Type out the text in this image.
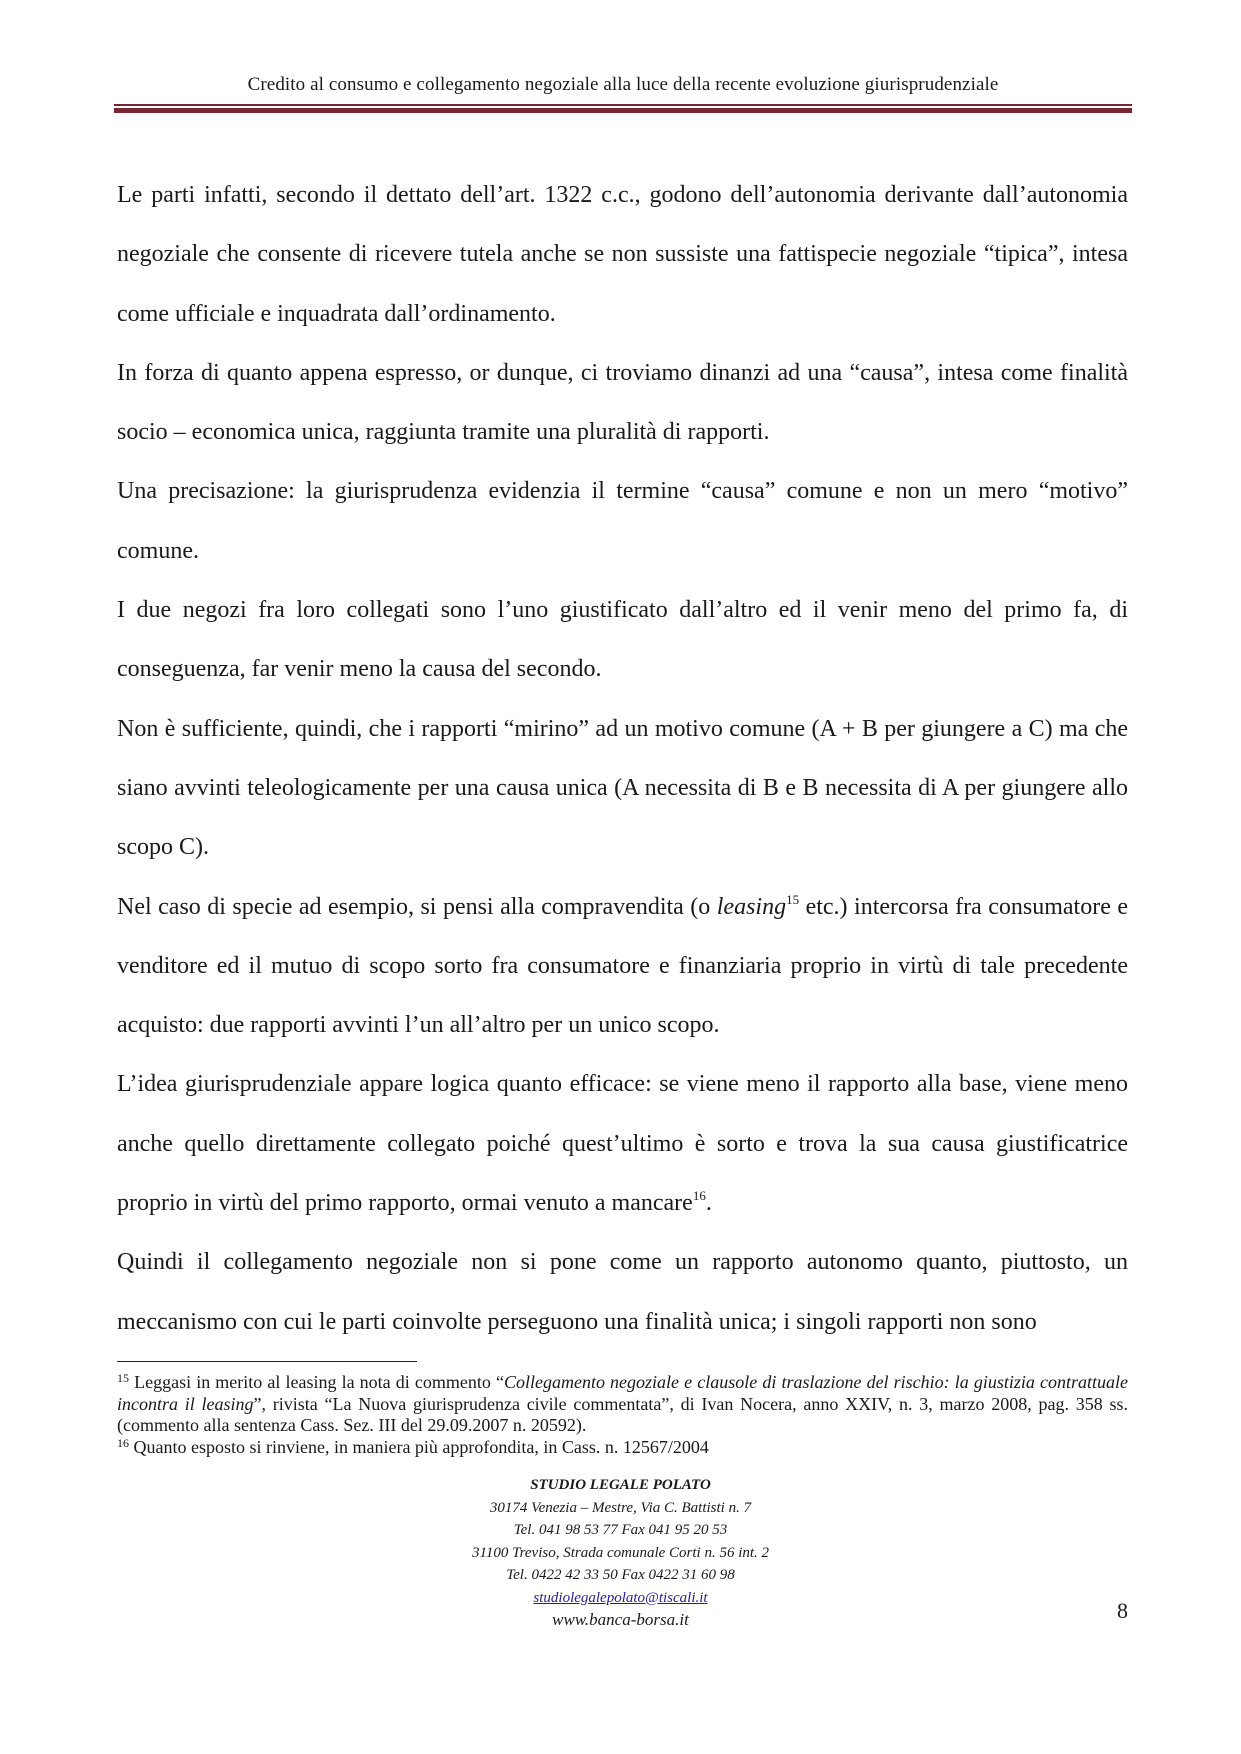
Credito al consumo e collegamento negoziale alla luce della recente evoluzione giurisprudenziale

Le parti infatti, secondo il dettato dell’art. 1322 c.c., godono dell’autonomia derivante dall’autonomia negoziale che consente di ricevere tutela anche se non sussiste una fattispecie negoziale “tipica”, intesa come ufficiale e inquadrata dall’ordinamento.

In forza di quanto appena espresso, or dunque, ci troviamo dinanzi ad una “causa”, intesa come finalità socio – economica unica, raggiunta tramite una pluralità di rapporti.

Una precisazione: la giurisprudenza evidenzia il termine “causa” comune e non un mero “motivo” comune.

I due negozi fra loro collegati sono l’uno giustificato dall’altro ed il venir meno del primo fa, di conseguenza, far venir meno la causa del secondo.

Non è sufficiente, quindi, che i rapporti “mirino” ad un motivo comune (A + B per giungere a C) ma che siano avvinti teleologicamente per una causa unica (A necessita di B e B necessita di A per giungere allo scopo C).

Nel caso di specie ad esempio, si pensi alla compravendita (o leasing$^{15}$ etc.) intercorsa fra consumatore e venditore ed il mutuo di scopo sorto fra consumatore e finanziaria proprio in virtù di tale precedente acquisto: due rapporti avvinti l’un all’altro per un unico scopo.

L’idea giurisprudenziale appare logica quanto efficace: se viene meno il rapporto alla base, viene meno anche quello direttamente collegato poiché quest’ultimo è sorto e trova la sua causa giustificatrice proprio in virtù del primo rapporto, ormai venuto a mancare$^{16}$.

Quindi il collegamento negoziale non si pone come un rapporto autonomo quanto, piuttosto, un meccanismo con cui le parti coinvolte perseguono una finalità unica; i singoli rapporti non sono

$^{15}$ Leggasi in merito al leasing la nota di commento “Collegamento negoziale e clausole di traslazione del rischio: la giustizia contrattuale incontra il leasing”, rivista “La Nuova giurisprudenza civile commentata”, di Ivan Nocera, anno XXIV, n. 3, marzo 2008, pag. 358 ss. (commento alla sentenza Cass. Sez. III del 29.09.2007 n. 20592).

$^{16}$ Quanto esposto si rinviene, in maniera più approfondita, in Cass. n. 12567/2004

STUDIO LEGALE POLATO
30174 Venezia – Mestre, Via C. Battisti n. 7
Tel. 041 98 53 77 Fax 041 95 20 53
31100 Treviso, Strada comunale Corti n. 56 int. 2
Tel. 0422 42 33 50 Fax 0422 31 60 98
studiolegalepolato@tiscali.it
www.banca-borsa.it	8
